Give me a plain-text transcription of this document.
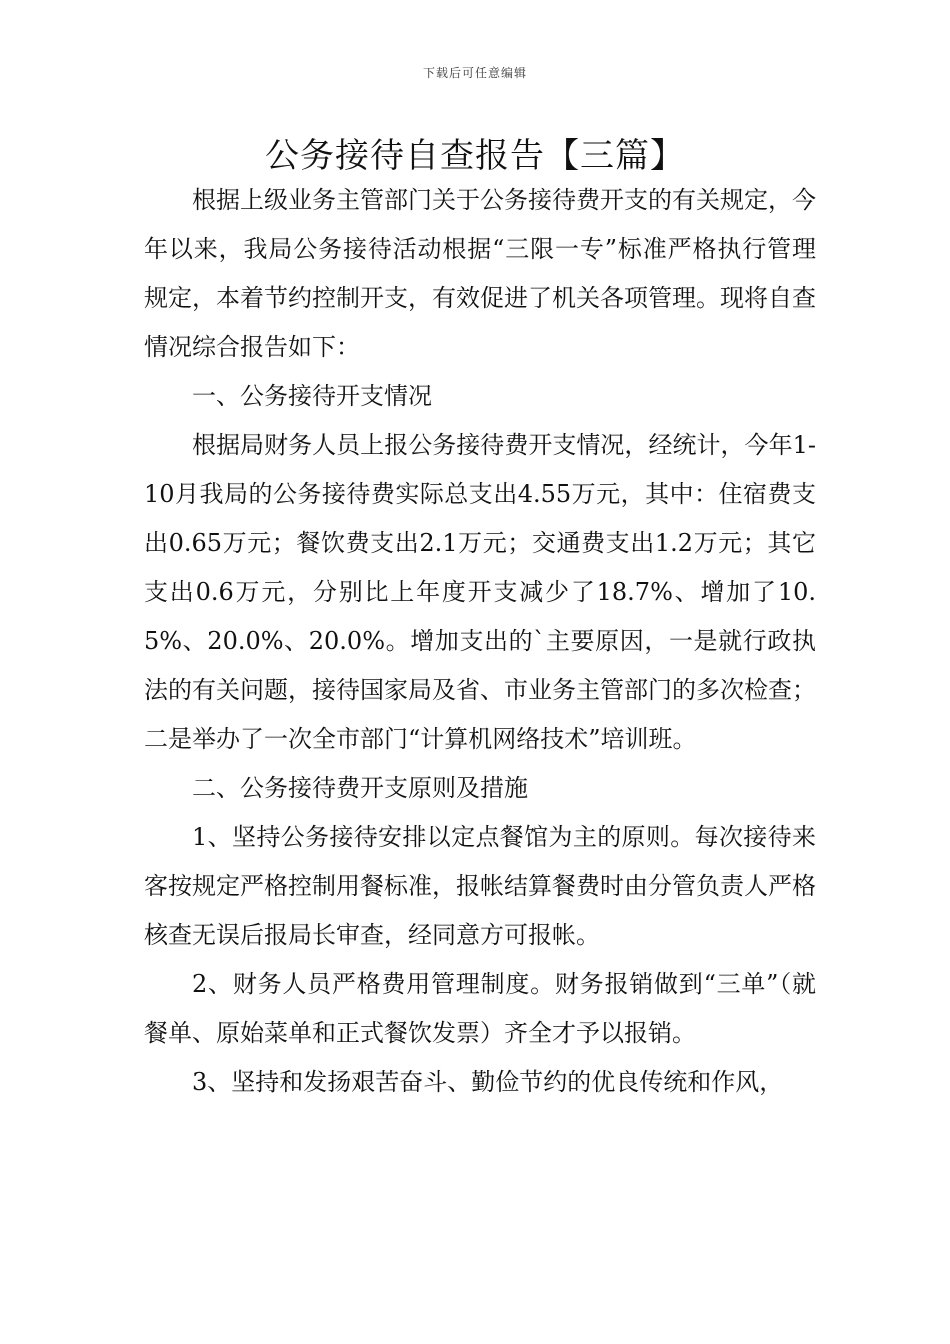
下载后可任意编辑
公务接待自查报告【三篇】

根据上级业务主管部门关于公务接待费开支的有关规定，今年以来，我局公务接待活动根据“三限一专”标准严格执行管理规定，本着节约控制开支，有效促进了机关各项管理。现将自查情况综合报告如下：

一、公务接待开支情况

根据局财务人员上报公务接待费开支情况，经统计，今年1-10月我局的公务接待费实际总支出4.55万元，其中：住宿费支出0.65万元；餐饮费支出2.1万元；交通费支出1.2万元；其它支出0.6万元，分别比上年度开支减少了18.7%、增加了10.5%、20.0%、20.0%。增加支出的`主要原因，一是就行政执法的有关问题，接待国家局及省、市业务主管部门的多次检查；二是举办了一次全市部门“计算机网络技术”培训班。

二、公务接待费开支原则及措施

1、坚持公务接待安排以定点餐馆为主的原则。每次接待来客按规定严格控制用餐标准，报帐结算餐费时由分管负责人严格核查无误后报局长审查，经同意方可报帐。

2、财务人员严格费用管理制度。财务报销做到“三单”（就餐单、原始菜单和正式餐饮发票）齐全才予以报销。

3、坚持和发扬艰苦奋斗、勤俭节约的优良传统和作风，
